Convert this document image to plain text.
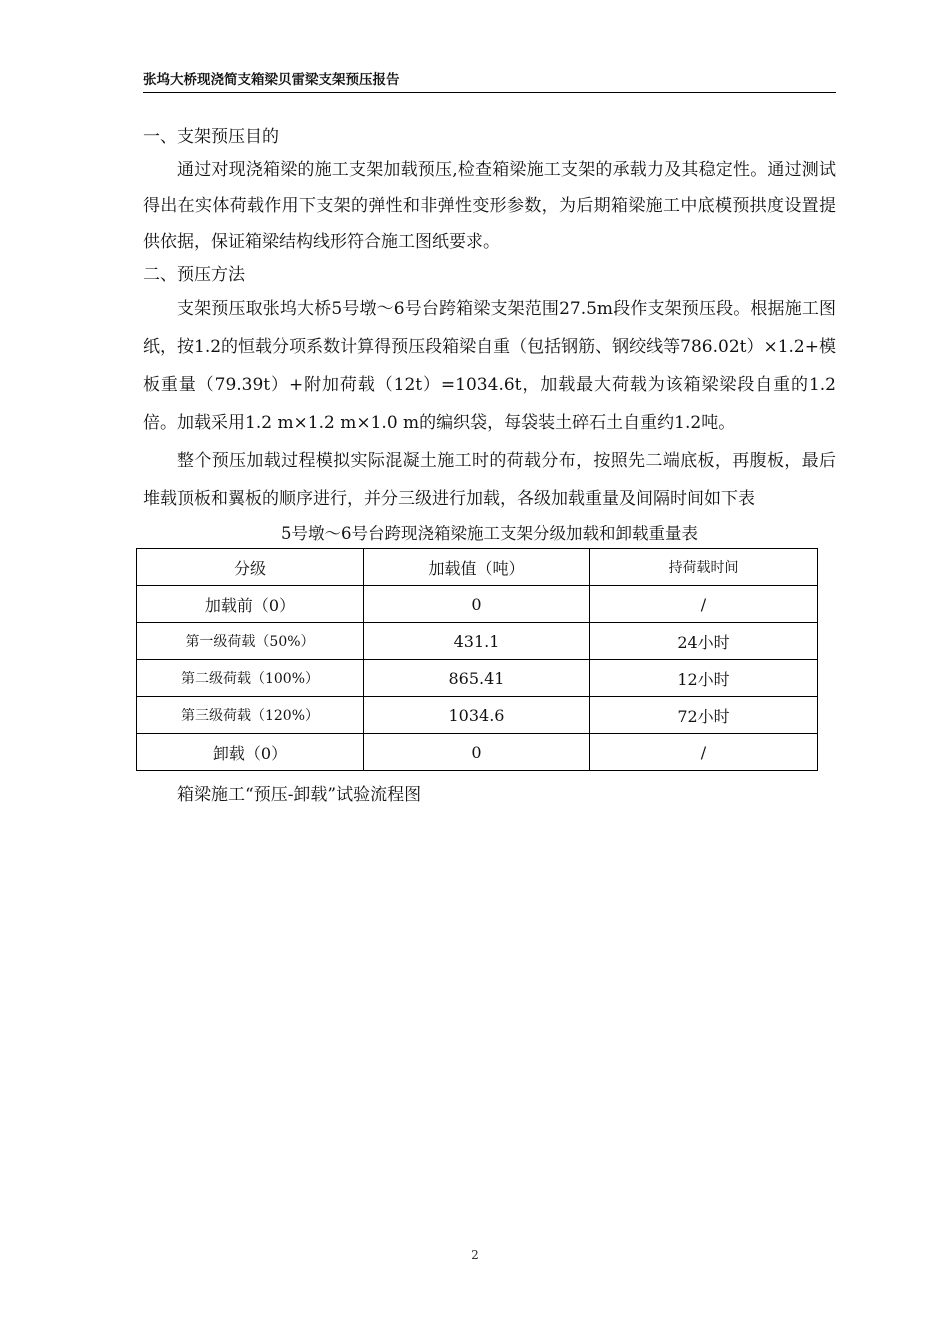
张坞大桥现浇简支箱梁贝雷梁支架预压报告
一、支架预压目的

通过对现浇箱梁的施工支架加载预压,检查箱梁施工支架的承载力及其稳定性。通过测试得出在实体荷载作用下支架的弹性和非弹性变形参数，为后期箱梁施工中底模预拱度设置提供依据，保证箱梁结构线形符合施工图纸要求。

二、预压方法

支架预压取张坞大桥5号墩～6号台跨箱梁支架范围27.5m段作支架预压段。根据施工图纸，按1.2的恒载分项系数计算得预压段箱梁自重（包括钢筋、钢绞线等786.02t）×1.2+模板重量（79.39t）+附加荷载（12t）=1034.6t，加载最大荷载为该箱梁梁段自重的1.2倍。加载采用1.2 m×1.2 m×1.0 m的编织袋，每袋装土碎石土自重约1.2吨。

整个预压加载过程模拟实际混凝土施工时的荷载分布，按照先二端底板，再腹板，最后堆载顶板和翼板的顺序进行，并分三级进行加载，各级加载重量及间隔时间如下表

5号墩～6号台跨现浇箱梁施工支架分级加载和卸载重量表
分级	加载值（吨）	持荷载时间
加载前（0）	0	/
第一级荷载（50%）	431.1	24小时
第二级荷载（100%）	865.41	12小时
第三级荷载（120%）	1034.6	72小时
卸载（0）	0	/
箱梁施工“预压-卸载”试验流程图
2
